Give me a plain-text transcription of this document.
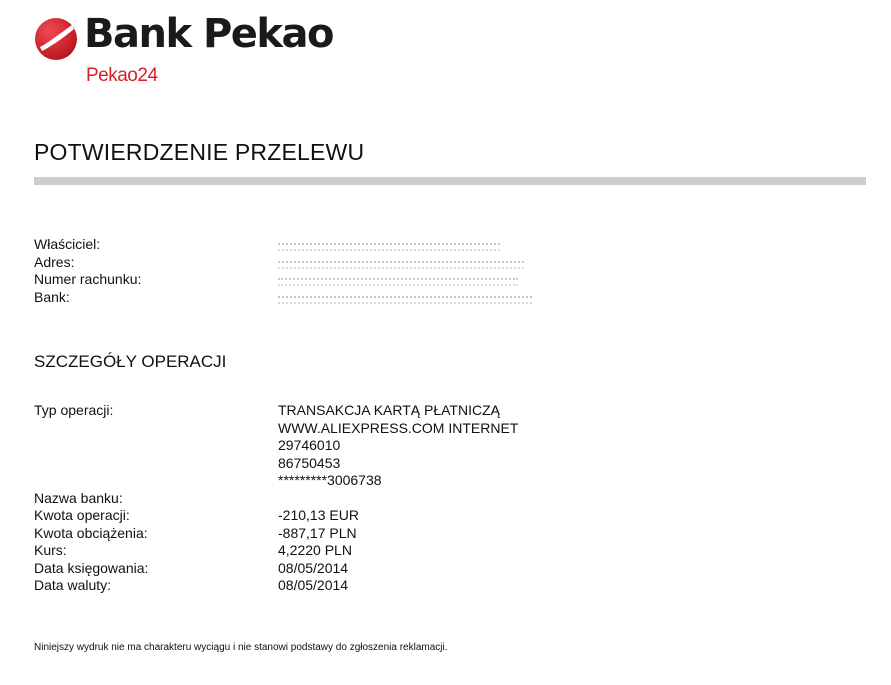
Bank Pekao
Pekao24
POTWIERDZENIE PRZELEWU
Właściciel:
Adres:
Numer rachunku:
Bank:
SZCZEGÓŁY OPERACJI
Typ operacji:	TRANSAKCJA KARTĄ PŁATNICZĄ
WWW.ALIEXPRESS.COM INTERNET
29746010
86750453
*********3006738
Nazwa banku:
Kwota operacji:	-210,13 EUR
Kwota obciążenia:	-887,17 PLN
Kurs:	4,2220 PLN
Data księgowania:	08/05/2014
Data waluty:	08/05/2014
Niniejszy wydruk nie ma charakteru wyciągu i nie stanowi podstawy do zgłoszenia reklamacji.
